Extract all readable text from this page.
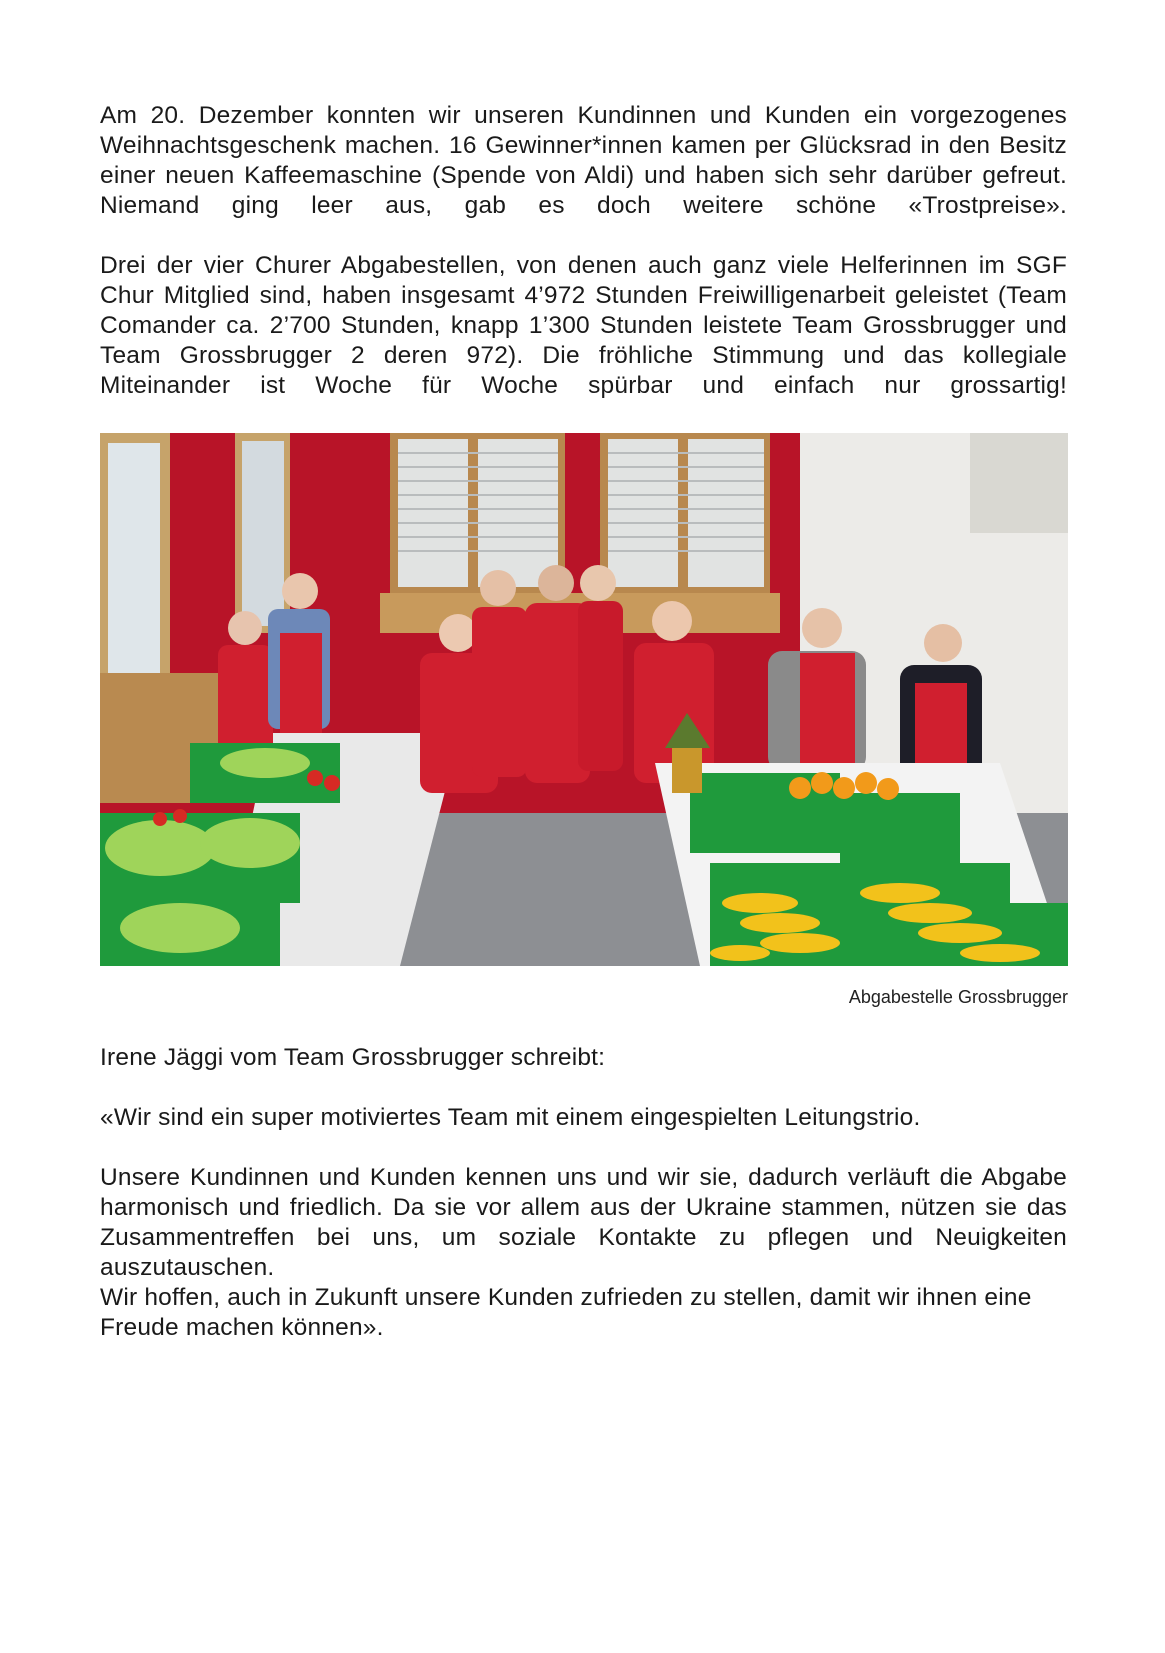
Am 20. Dezember konnten wir unseren Kundinnen und Kunden ein vorgezogenes Weihnachtsgeschenk machen. 16 Gewinner*innen kamen per Glücksrad in den Besitz einer neuen Kaffeemaschine (Spende von Aldi) und haben sich sehr darüber gefreut. Niemand ging leer aus, gab es doch weitere schöne «Trostpreise».

Drei der vier Churer Abgabestellen, von denen auch ganz viele Helferinnen im SGF Chur Mitglied sind, haben insgesamt 4’972 Stunden Freiwilligenarbeit geleistet (Team Comander ca. 2’700 Stunden, knapp 1’300 Stunden leistete Team Grossbrugger und Team Grossbrugger 2 deren 972). Die fröhliche Stimmung und das kollegiale Miteinander ist Woche für Woche spürbar und einfach nur grossartig!

Abgabestelle Grossbrugger

Irene Jäggi vom Team Grossbrugger schreibt:

«Wir sind ein super motiviertes Team mit einem eingespielten Leitungstrio.

Unsere Kundinnen und Kunden kennen uns und wir sie, dadurch verläuft die Abgabe harmonisch und friedlich. Da sie vor allem aus der Ukraine stammen, nützen sie das Zusammentreffen bei uns, um soziale Kontakte zu pflegen und Neuigkeiten auszutauschen.

Wir hoffen, auch in Zukunft unsere Kunden zufrieden zu stellen, damit wir ihnen eine Freude machen können».
